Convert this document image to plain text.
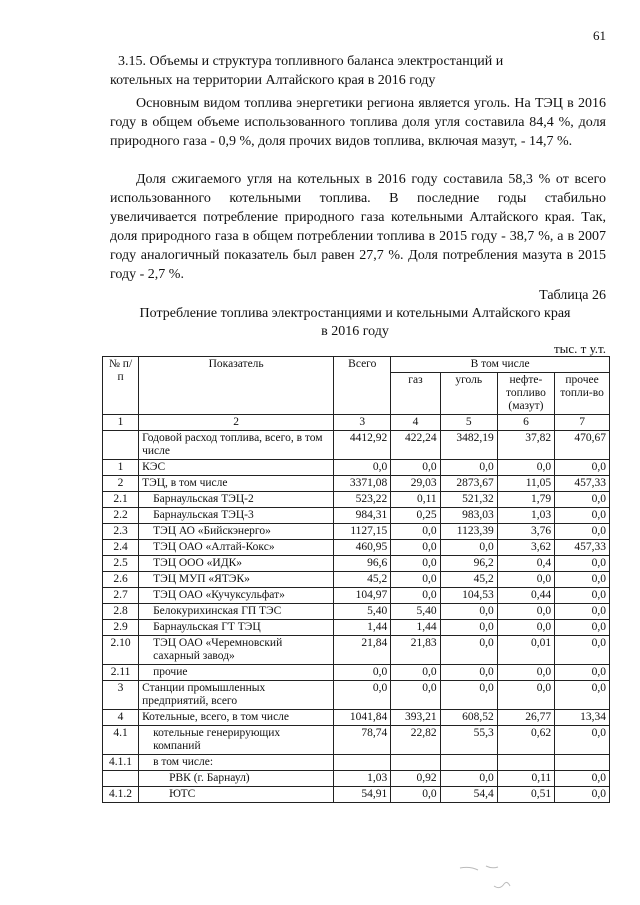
61
3.15. Объемы и структура топливного баланса электростанций и
котельных на территории Алтайского края в 2016 году

Основным видом топлива энергетики региона является уголь. На ТЭЦ в 2016 году в общем объеме использованного топлива доля угля составила 84,4 %, доля природного газа - 0,9 %, доля прочих видов топлива, включая мазут, - 14,7 %.

Доля сжигаемого угля на котельных в 2016 году составила 58,3 % от всего использованного котельными топлива. В последние годы стабильно увеличивается потребление природного газа котельными Алтайского края. Так, доля природного газа в общем потреблении топлива в 2015 году - 38,7 %, а в 2007 году аналогичный показатель был равен 27,7 %. Доля потребления мазута в 2015 году - 2,7 %.

Таблица 26
Потребление топлива электростанциями и котельными Алтайского края
в 2016 году
тыс. т у.т.
№ п/п	Показатель	Всего	В том числе			
			газ	уголь	нефте-топливо (мазут)	прочее топли-во
1	2	3	4	5	6	7
	Годовой расход топлива, всего, в том числе	4412,92	422,24	3482,19	37,82	470,67
1	КЭС	0,0	0,0	0,0	0,0	0,0
2	ТЭЦ, в том числе	3371,08	29,03	2873,67	11,05	457,33
2.1	Барнаульская ТЭЦ-2	523,22	0,11	521,32	1,79	0,0
2.2	Барнаульская ТЭЦ-3	984,31	0,25	983,03	1,03	0,0
2.3	ТЭЦ АО «Бийскэнерго»	1127,15	0,0	1123,39	3,76	0,0
2.4	ТЭЦ ОАО «Алтай-Кокс»	460,95	0,0	0,0	3,62	457,33
2.5	ТЭЦ ООО «ИДК»	96,6	0,0	96,2	0,4	0,0
2.6	ТЭЦ МУП «ЯТЭК»	45,2	0,0	45,2	0,0	0,0
2.7	ТЭЦ ОАО «Кучуксульфат»	104,97	0,0	104,53	0,44	0,0
2.8	Белокурихинская ГП ТЭС	5,40	5,40	0,0	0,0	0,0
2.9	Барнаульская ГТ ТЭЦ	1,44	1,44	0,0	0,0	0,0
2.10	ТЭЦ ОАО «Черемновский сахарный завод»	21,84	21,83	0,0	0,01	0,0
2.11	прочие	0,0	0,0	0,0	0,0	0,0
3	Станции промышленных предприятий, всего	0,0	0,0	0,0	0,0	0,0
4	Котельные, всего, в том числе	1041,84	393,21	608,52	26,77	13,34
4.1	котельные генерирующих компаний	78,74	22,82	55,3	0,62	0,0
4.1.1	в том числе:					
	РВК (г. Барнаул)	1,03	0,92	0,0	0,11	0,0
4.1.2	ЮТС	54,91	0,0	54,4	0,51	0,0
